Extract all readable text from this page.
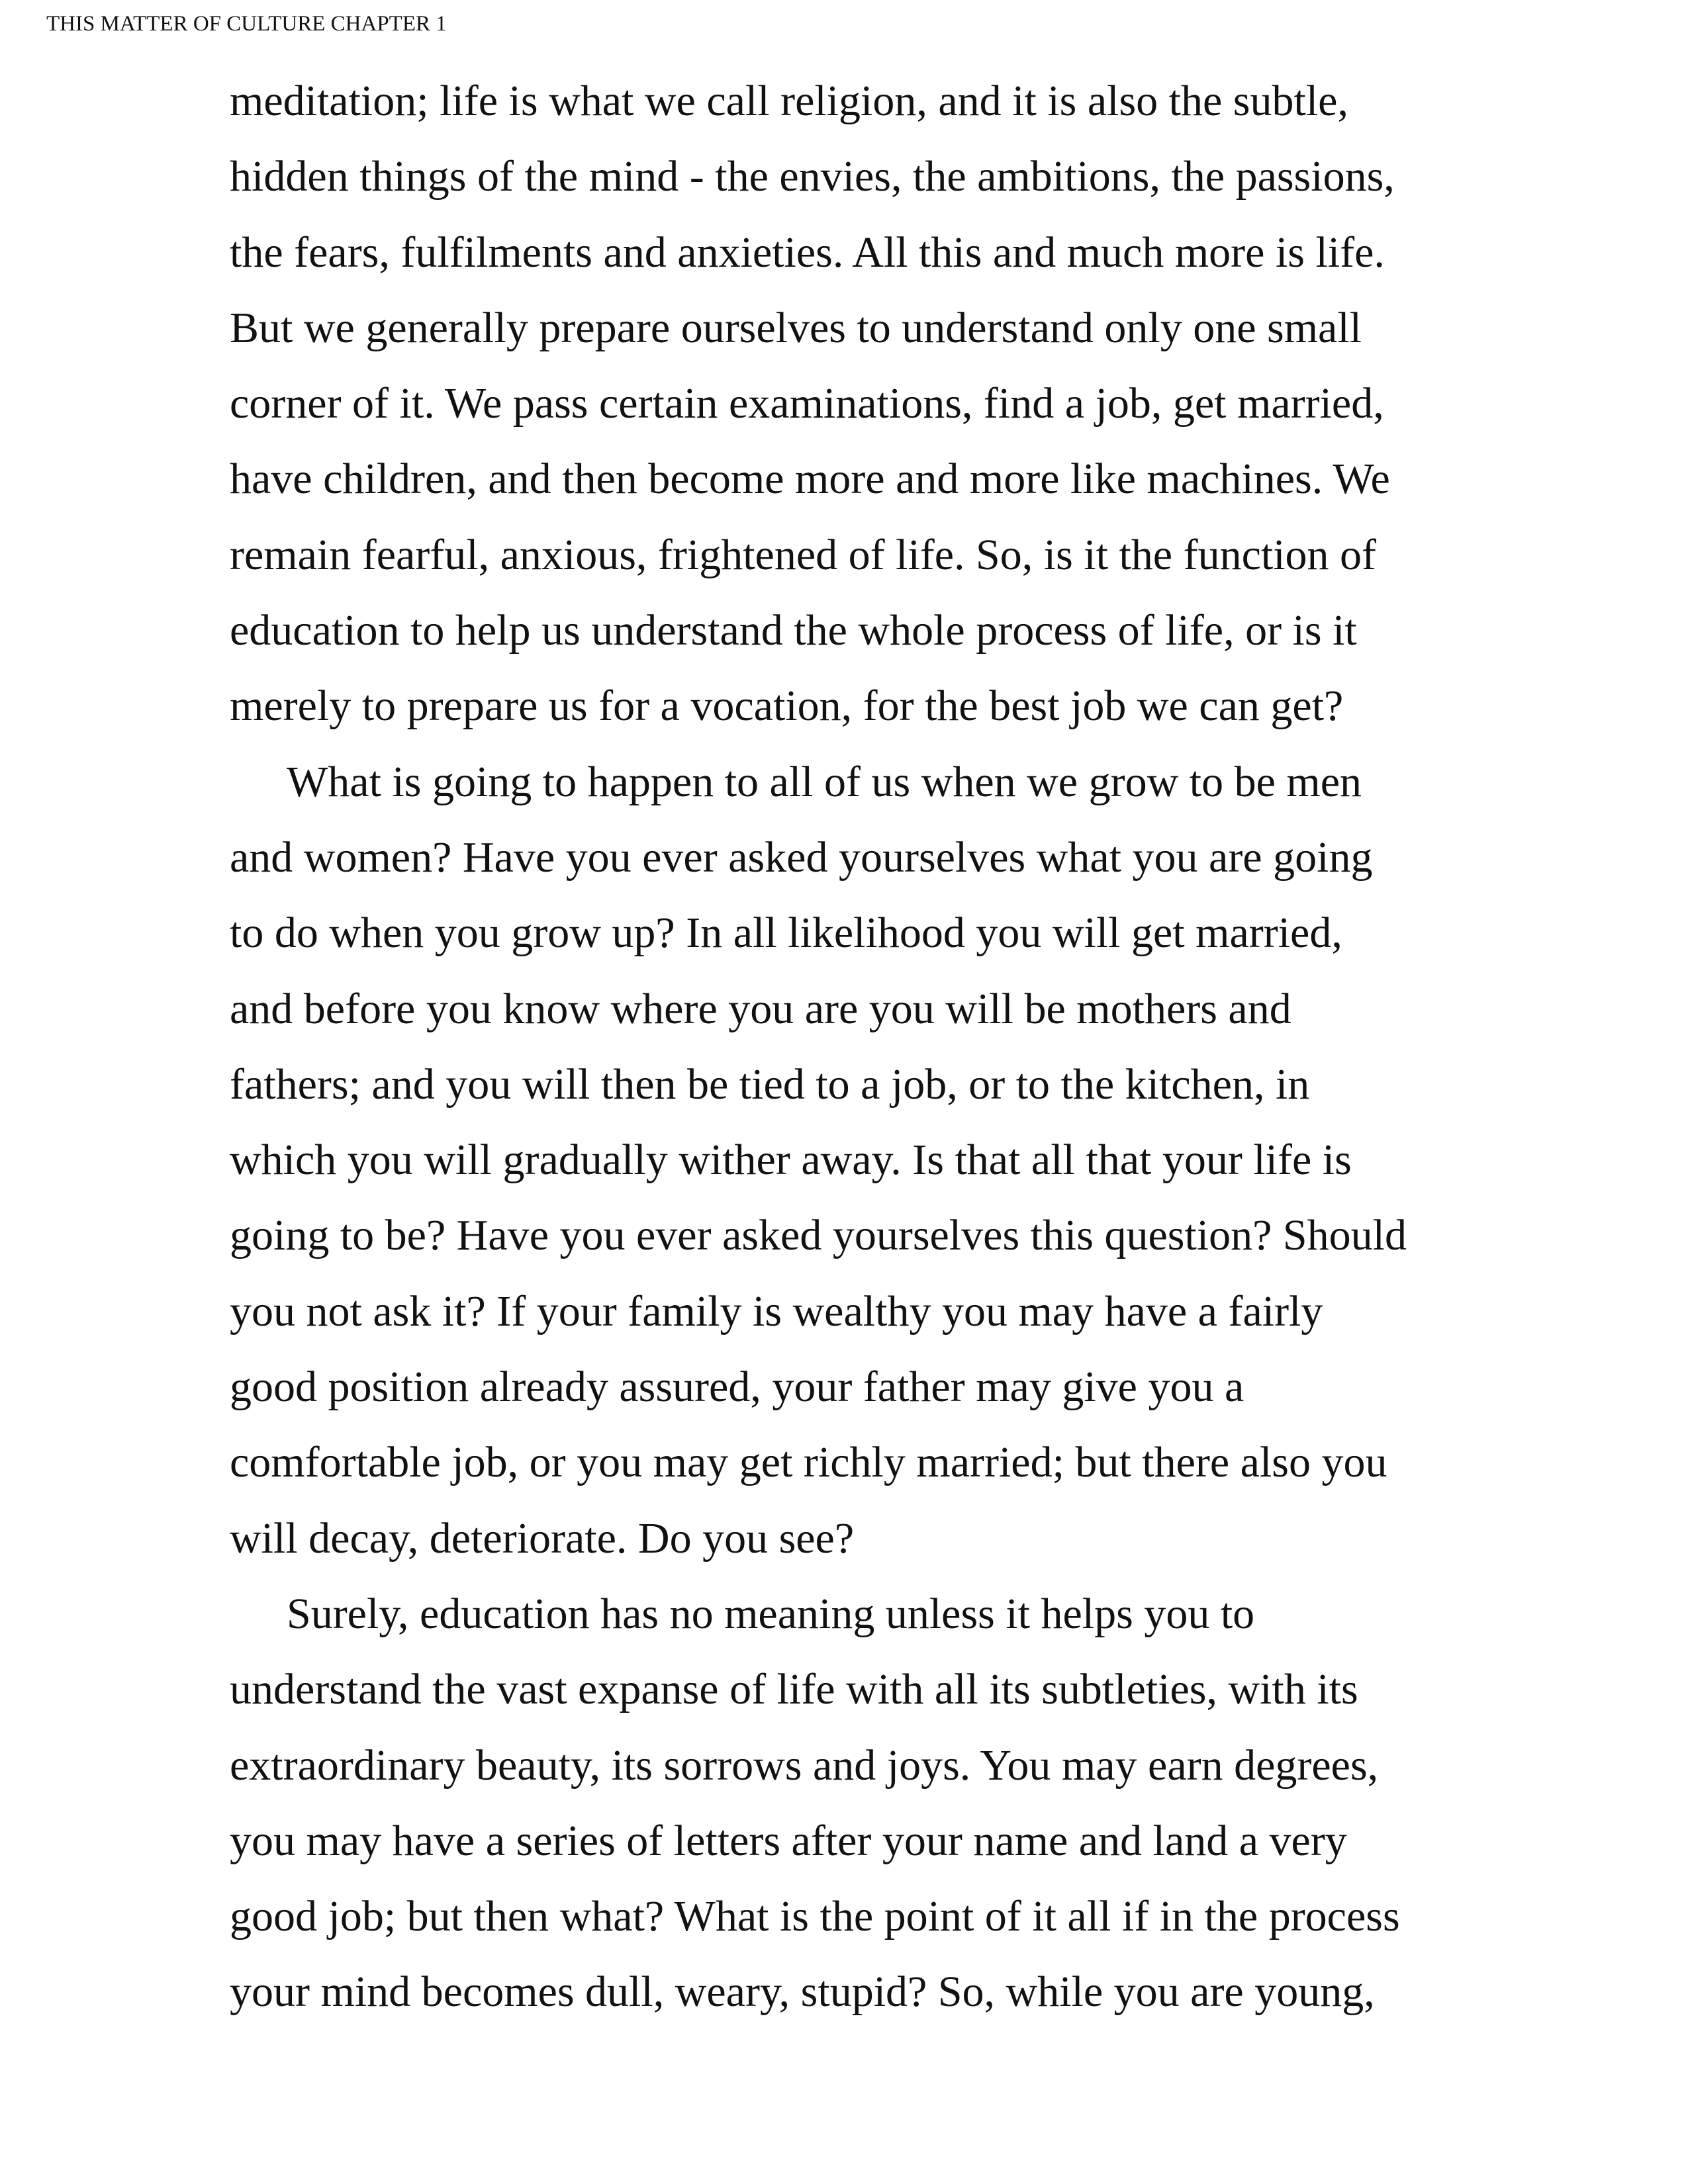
THIS MATTER OF CULTURE CHAPTER 1
meditation; life is what we call religion, and it is also the subtle,
hidden things of the mind - the envies, the ambitions, the passions,
the fears, fulfilments and anxieties. All this and much more is life.
But we generally prepare ourselves to understand only one small
corner of it. We pass certain examinations, find a job, get married,
have children, and then become more and more like machines. We
remain fearful, anxious, frightened of life. So, is it the function of
education to help us understand the whole process of life, or is it
merely to prepare us for a vocation, for the best job we can get?
What is going to happen to all of us when we grow to be men
and women? Have you ever asked yourselves what you are going
to do when you grow up? In all likelihood you will get married,
and before you know where you are you will be mothers and
fathers; and you will then be tied to a job, or to the kitchen, in
which you will gradually wither away. Is that all that your life is
going to be? Have you ever asked yourselves this question? Should
you not ask it? If your family is wealthy you may have a fairly
good position already assured, your father may give you a
comfortable job, or you may get richly married; but there also you
will decay, deteriorate. Do you see?
Surely, education has no meaning unless it helps you to
understand the vast expanse of life with all its subtleties, with its
extraordinary beauty, its sorrows and joys. You may earn degrees,
you may have a series of letters after your name and land a very
good job; but then what? What is the point of it all if in the process
your mind becomes dull, weary, stupid? So, while you are young,
